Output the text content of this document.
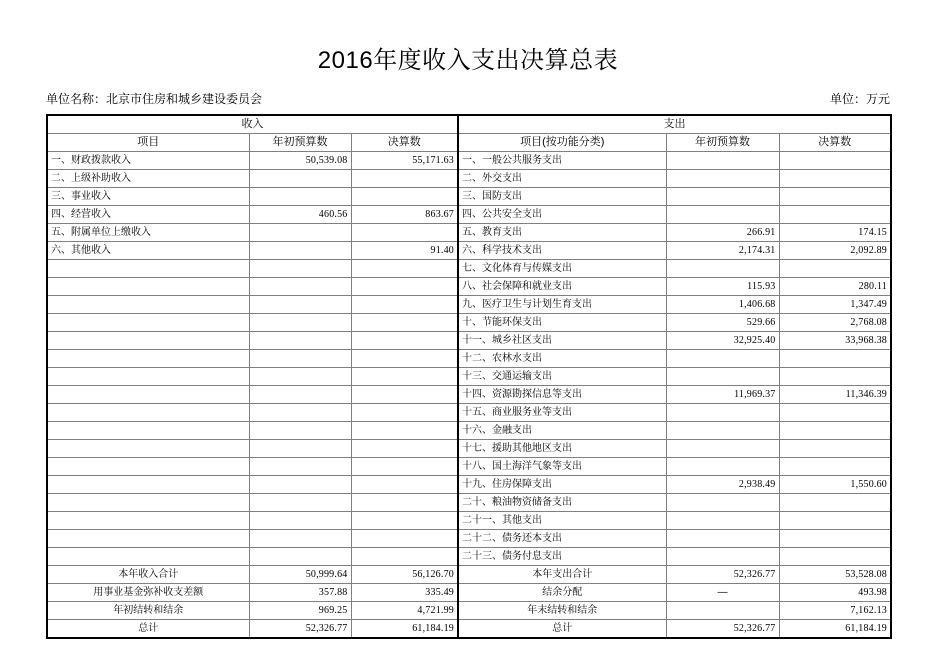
2016年度收入支出决算总表
单位名称：北京市住房和城乡建设委员会	单位：万元
收入			支出		
项目	年初预算数	决算数	项目(按功能分类)	年初预算数	决算数
一、财政拨款收入	50,539.08	55,171.63	一、一般公共服务支出		
二、上级补助收入			二、外交支出		
三、事业收入			三、国防支出		
四、经营收入	460.56	863.67	四、公共安全支出		
五、附属单位上缴收入			五、教育支出	266.91	174.15
六、其他收入		91.40	六、科学技术支出	2,174.31	2,092.89
			七、文化体育与传媒支出		
			八、社会保障和就业支出	115.93	280.11
			九、医疗卫生与计划生育支出	1,406.68	1,347.49
			十、节能环保支出	529.66	2,768.08
			十一、城乡社区支出	32,925.40	33,968.38
			十二、农林水支出		
			十三、交通运输支出		
			十四、资源勘探信息等支出	11,969.37	11,346.39
			十五、商业服务业等支出		
			十六、金融支出		
			十七、援助其他地区支出		
			十八、国土海洋气象等支出		
			十九、住房保障支出	2,938.49	1,550.60
			二十、粮油物资储备支出		
			二十一、其他支出		
			二十二、债务还本支出		
			二十三、债务付息支出		
本年收入合计	50,999.64	56,126.70	本年支出合计	52,326.77	53,528.08
用事业基金弥补收支差额	357.88	335.49	结余分配	—	493.98
年初结转和结余	969.25	4,721.99	年末结转和结余		7,162.13
总计	52,326.77	61,184.19	总计	52,326.77	61,184.19
